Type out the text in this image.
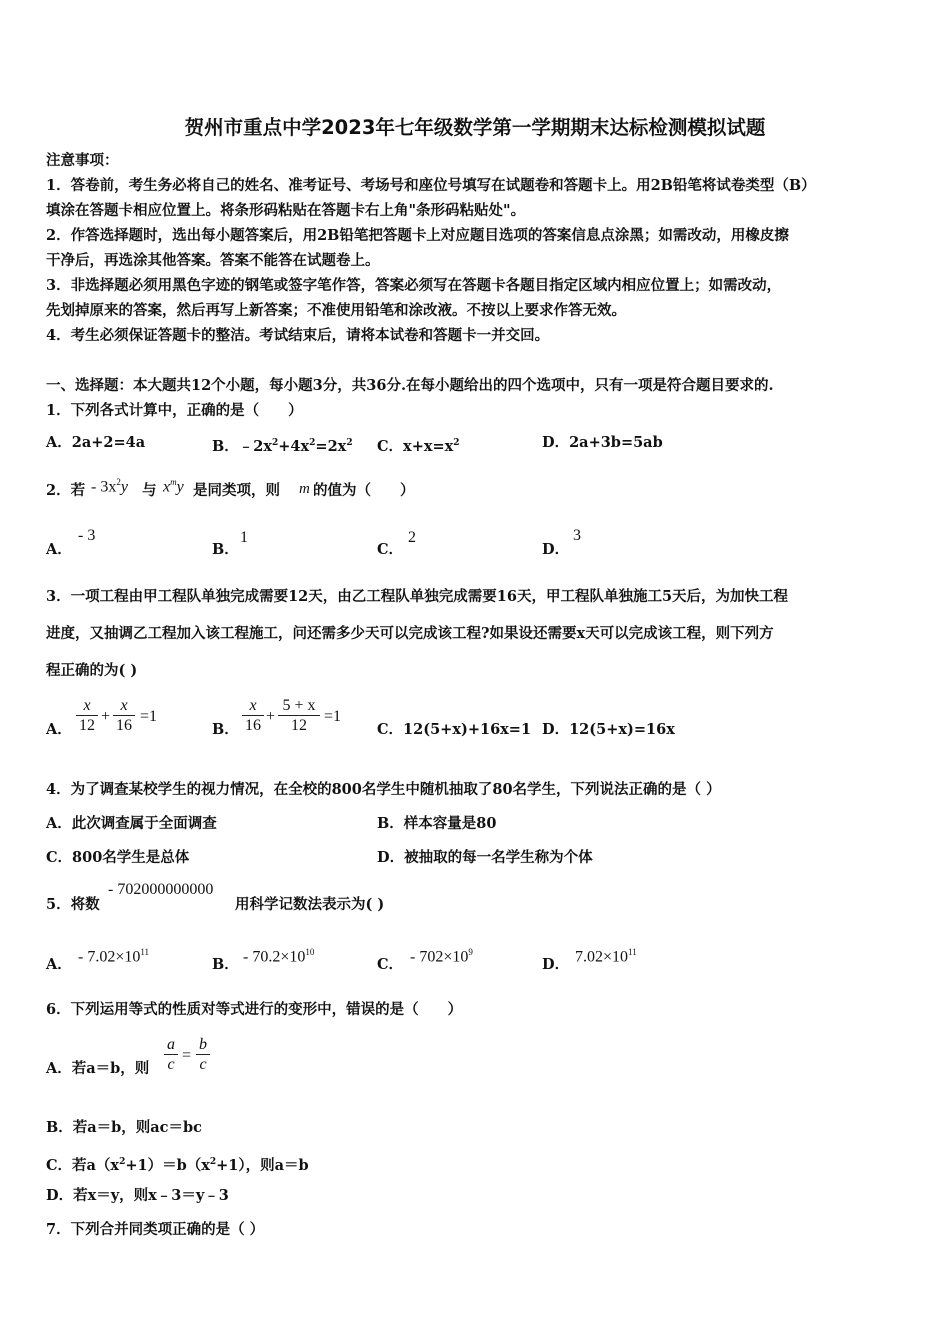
贺州市重点中学2023年七年级数学第一学期期末达标检测模拟试题
注意事项：
1．答卷前，考生务必将自己的姓名、准考证号、考场号和座位号填写在试题卷和答题卡上。用2B铅笔将试卷类型（B）
填涂在答题卡相应位置上。将条形码粘贴在答题卡右上角"条形码粘贴处"。
2．作答选择题时，选出每小题答案后，用2B铅笔把答题卡上对应题目选项的答案信息点涂黑；如需改动，用橡皮擦
干净后，再选涂其他答案。答案不能答在试题卷上。
3．非选择题必须用黑色字迹的钢笔或签字笔作答，答案必须写在答题卡各题目指定区域内相应位置上；如需改动，
先划掉原来的答案，然后再写上新答案；不准使用铅笔和涂改液。不按以上要求作答无效。
4．考生必须保证答题卡的整洁。考试结束后，请将本试卷和答题卡一并交回。
一、选择题：本大题共12个小题，每小题3分，共36分.在每小题给出的四个选项中，只有一项是符合题目要求的.
1．下列各式计算中，正确的是（　　）
A．2a+2=4a	B．$﹣2x^2+4x^2=2x^2$ C．$x+x=x^2$	D．2a+3b=5ab
2．若 - $3x^2y$ 与 $x^my$ 是同类项，则 m 的值为（　　）
A．
- 3
B．
1
C．
2
D．
3
3．一项工程由甲工程队单独完成需要12天，由乙工程队单独完成需要16天，甲工程队单独施工5天后，为加快工程
进度，又抽调乙工程加入该工程施工，问还需多少天可以完成该工程?如果设还需要x天可以完成该工程，则下列方
程正确的为( )
A． $\frac{x}{12} + \frac{x}{16} =1$
B． $\frac{x}{16} + \frac{5 + x}{12} =1$
C．12(5+x)+16x=1 D．12(5+x)=16x
4．为了调查某校学生的视力情况，在全校的800名学生中随机抽取了80名学生，下列说法正确的是（ ）
A．此次调查属于全面调查	B．样本容量是80
C．800名学生是总体	D．被抽取的每一名学生称为个体
5．将数
- 702000000000
用科学记数法表示为( )
A． - $7.02\times 10^{11}$
B． - $70.2\times 10^{10}$
C． - $702\times 10^9$
D． $7.02\times 10^{11}$
6．下列运用等式的性质对等式进行的变形中，错误的是（　　）
A．若a＝b，则 $\frac{a}{c} = \frac{b}{c}$
B．若a＝b，则ac＝bc
C．若$a(x^2+1)=b(x^2+1)$，则a＝b
D．若x＝y，则x﹣3＝y﹣3
7．下列合并同类项正确的是（ ）
